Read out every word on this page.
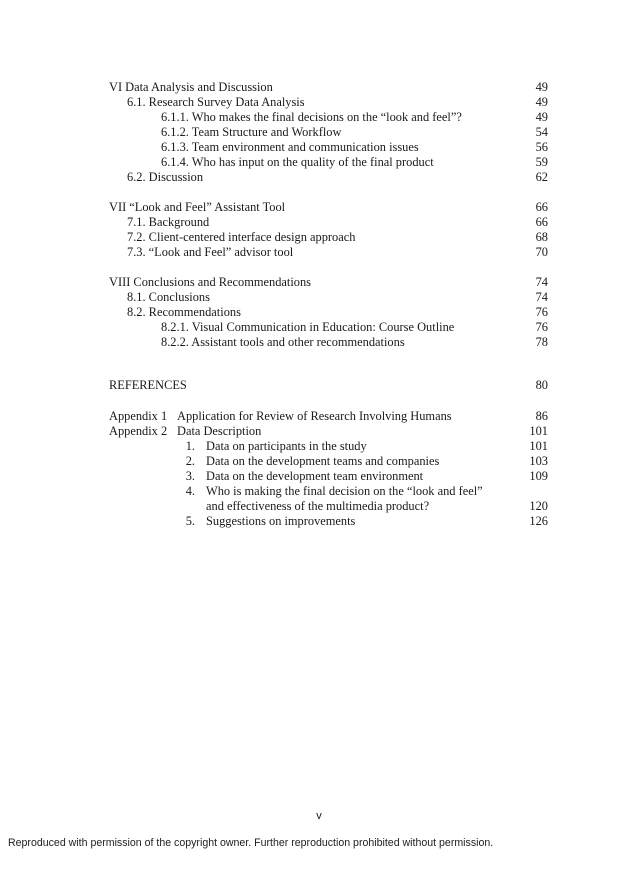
VI Data Analysis and Discussion	49
6.1. Research Survey Data Analysis	49
6.1.1. Who makes the final decisions on the “look and feel”?	49
6.1.2. Team Structure and Workflow	54
6.1.3. Team environment and communication issues	56
6.1.4. Who has input on the quality of the final product	59
6.2. Discussion	62
VII “Look and Feel” Assistant Tool	66
7.1. Background	66
7.2. Client-centered interface design approach	68
7.3. “Look and Feel” advisor tool	70
VIII Conclusions and Recommendations	74
8.1. Conclusions	74
8.2. Recommendations	76
8.2.1. Visual Communication in Education: Course Outline	76
8.2.2. Assistant tools and other recommendations	78
REFERENCES	80
Appendix 1 Application for Review of Research Involving Humans	86
Appendix 2 Data Description	101
1. Data on participants in the study	101
2. Data on the development teams and companies	103
3. Data on the development team environment	109
4. Who is making the final decision on the “look and feel”
and effectiveness of the multimedia product?	120
5. Suggestions on improvements	126
v
Reproduced with permission of the copyright owner. Further reproduction prohibited without permission.
